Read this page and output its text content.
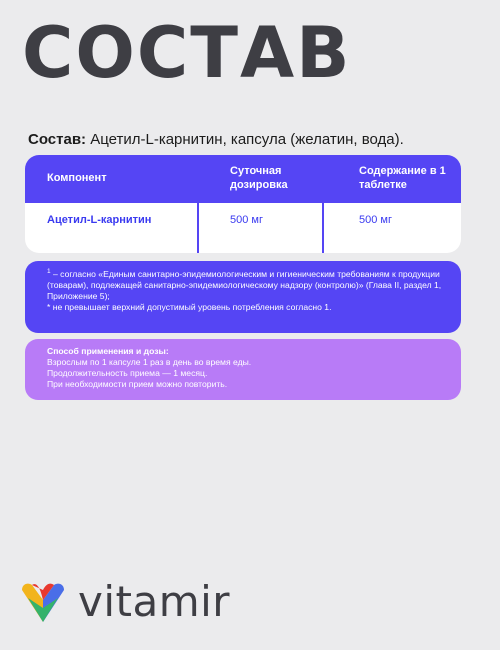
СОСТАВ
Состав: Ацетил-L-карнитин, капсула (желатин, вода).
Компонент
Суточная дозировка
Содержание в 1 таблетке
Ацетил-L-карнитин	500 мг	500 мг

$^1$ – согласно «Единым санитарно-эпидемиологическим и гигиеническим требованиям к продукции (товарам), подлежащей санитарно-эпидемиологическому надзору (контролю)» (Глава II, раздел 1, Приложение 5);

* не превышает верхний допустимый уровень потребления согласно 1.

Способ применения и дозы:

Взрослым по 1 капсуле 1 раз в день во время еды.

Продолжительность приема — 1 месяц.

При необходимости прием можно повторить.

vitamir
